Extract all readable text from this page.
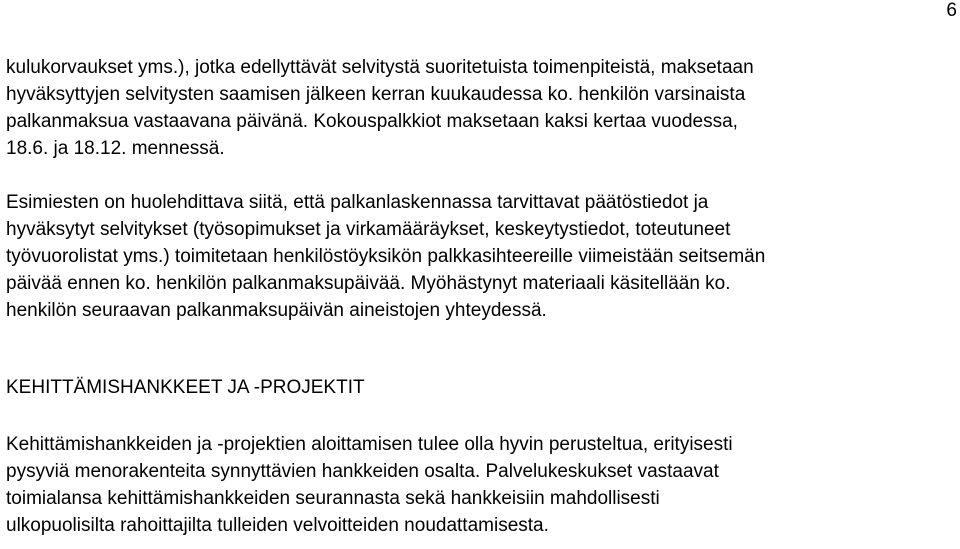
6

kulukorvaukset yms.), jotka edellyttävät selvitystä suoritetuista toimenpiteistä, maksetaan
hyväksyttyjen selvitysten saamisen jälkeen kerran kuukaudessa ko. henkilön varsinaista
palkanmaksua vastaavana päivänä. Kokouspalkkiot maksetaan kaksi kertaa vuodessa,
18.6. ja 18.12. mennessä.

Esimiesten on huolehdittava siitä, että palkanlaskennassa tarvittavat päätöstiedot ja
hyväksytyt selvitykset (työsopimukset ja virkamääräykset, keskeytystiedot, toteutuneet
työvuorolistat yms.) toimitetaan henkilöstöyksikön palkkasihteereille viimeistään seitsemän
päivää ennen ko. henkilön palkanmaksupäivää. Myöhästynyt materiaali käsitellään ko.
henkilön seuraavan palkanmaksupäivän aineistojen yhteydessä.

KEHITTÄMISHANKKEET JA -PROJEKTIT

Kehittämishankkeiden ja -projektien aloittamisen tulee olla hyvin perusteltua, erityisesti
pysyviä menorakenteita synnyttävien hankkeiden osalta. Palvelukeskukset vastaavat
toimialansa kehittämishankkeiden seurannasta sekä hankkeisiin mahdollisesti
ulkopuolisilta rahoittajilta tulleiden velvoitteiden noudattamisesta.
